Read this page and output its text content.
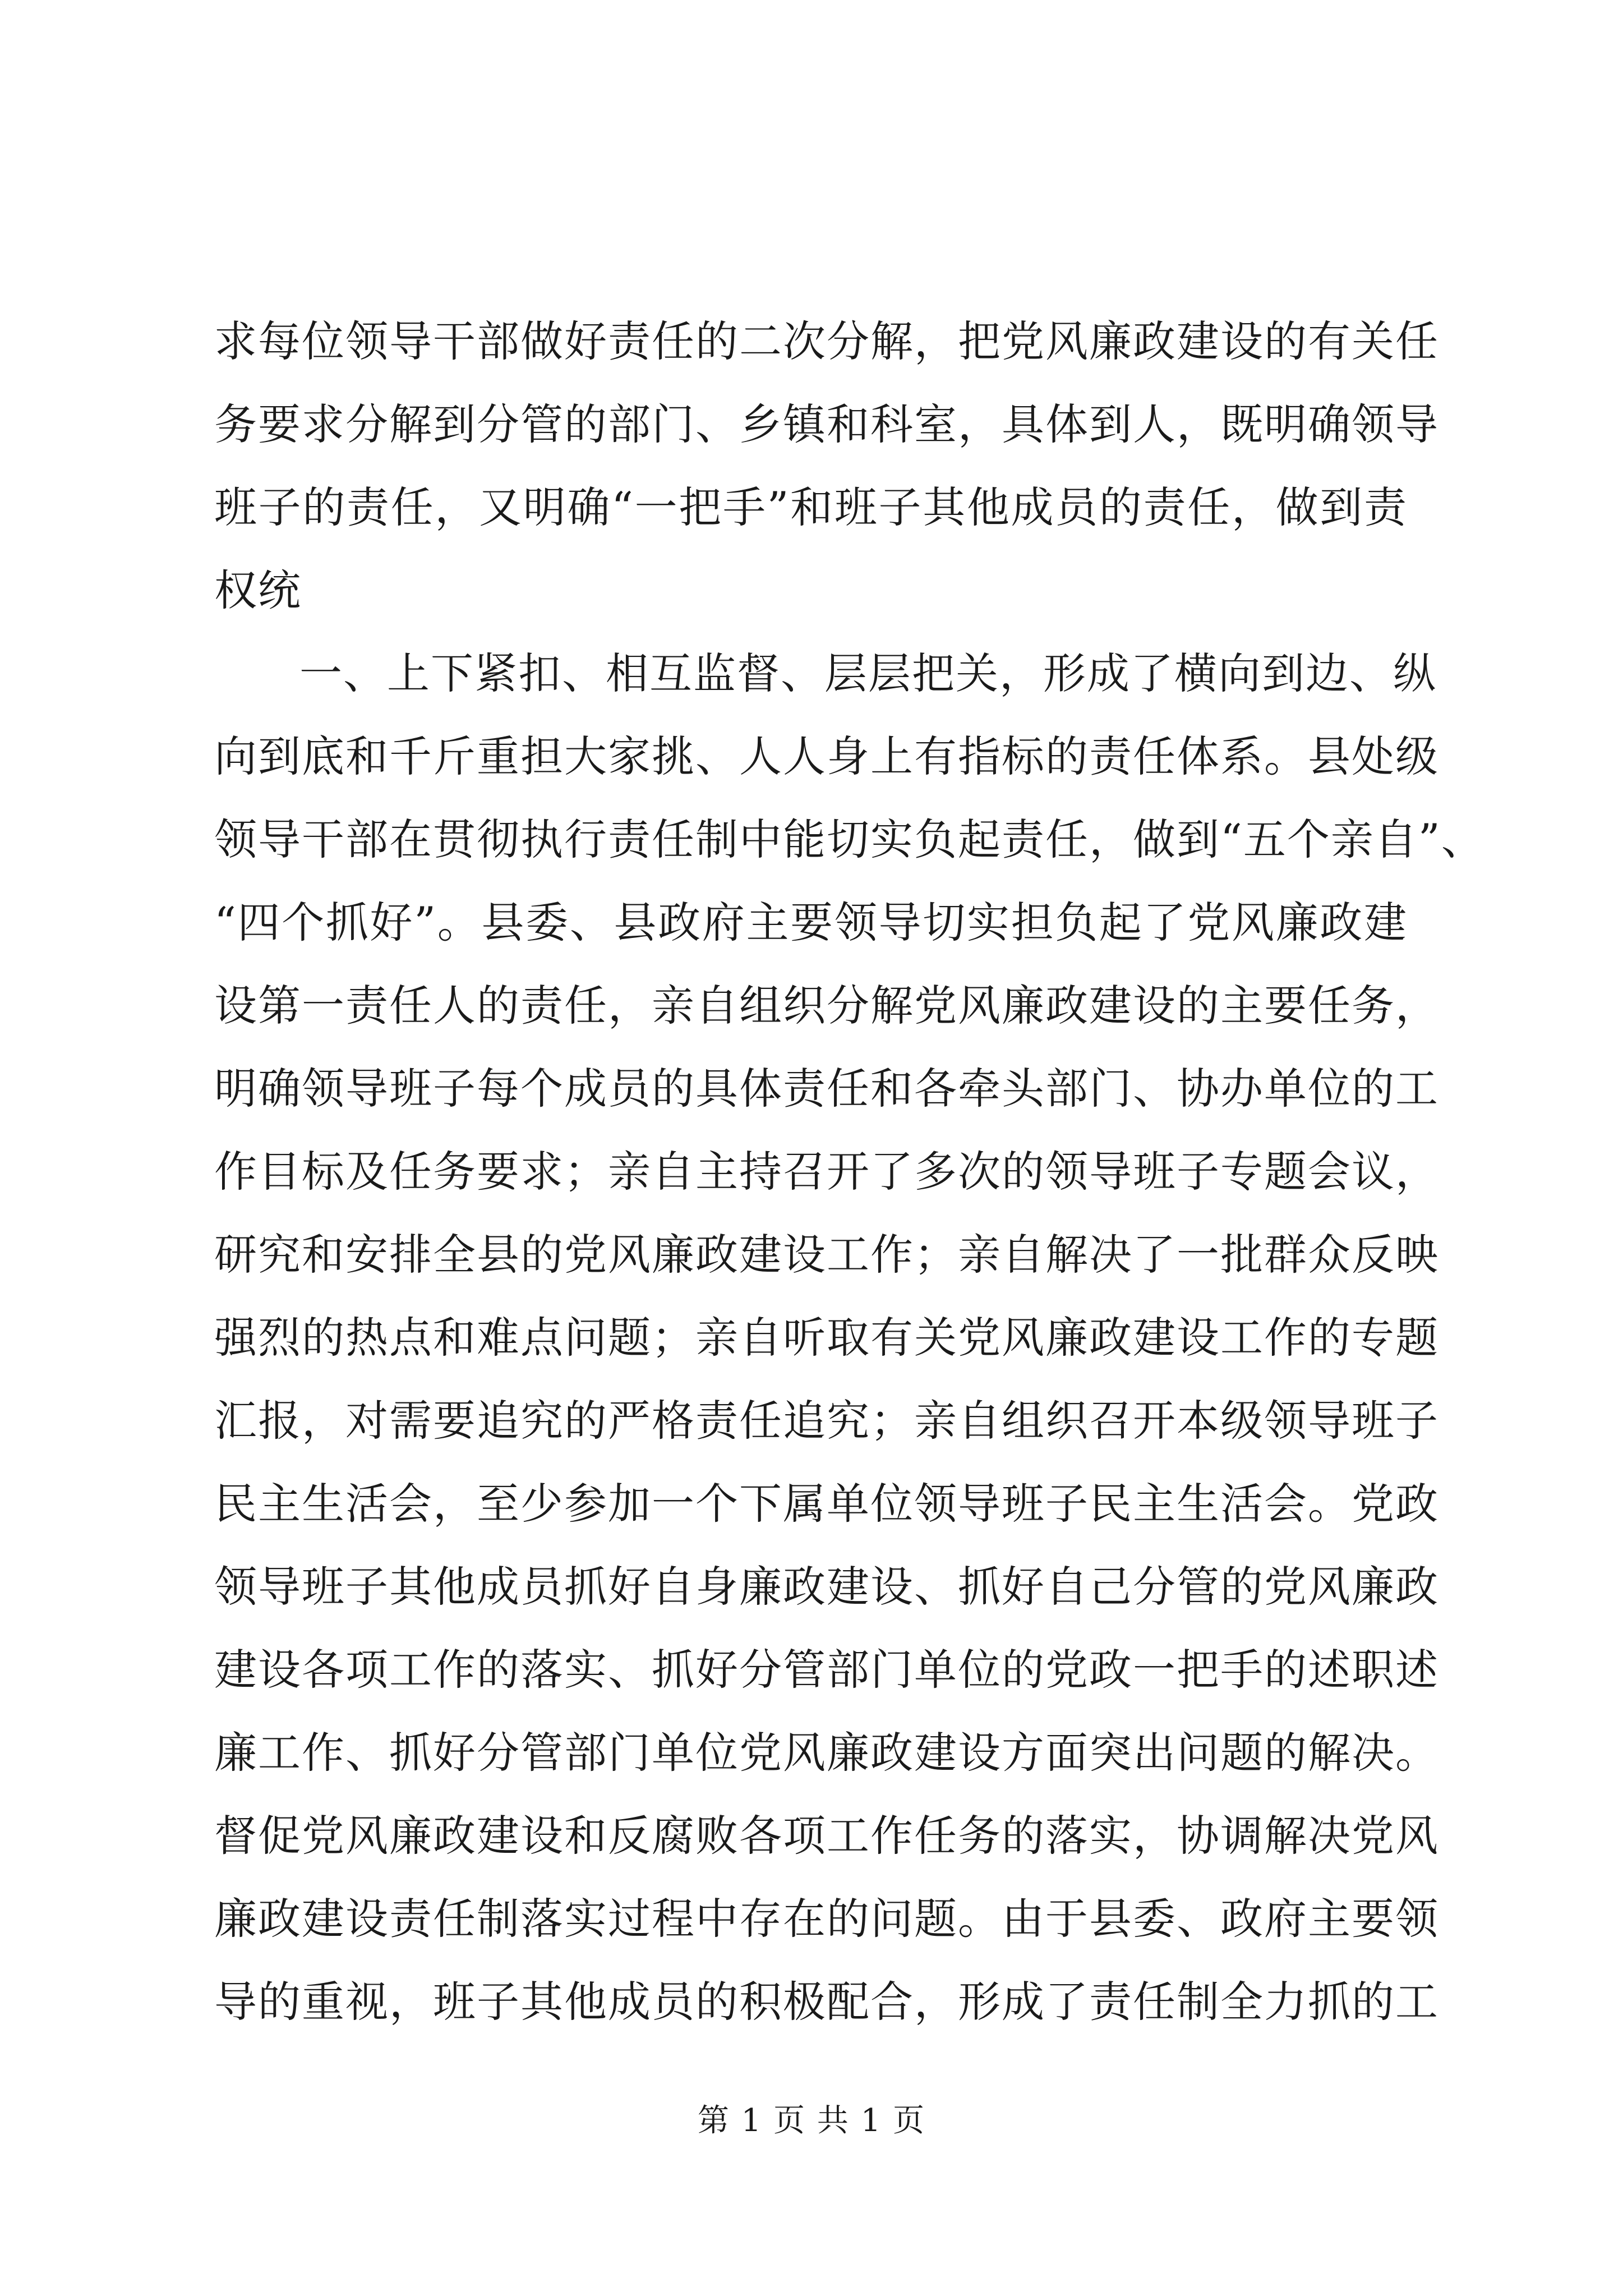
求每位领导干部做好责任的二次分解，把党风廉政建设的有关任
务要求分解到分管的部门、乡镇和科室，具体到人，既明确领导
班子的责任，又明确“一把手”和班子其他成员的责任，做到责
权统
一、上下紧扣、相互监督、层层把关，形成了横向到边、纵
向到底和千斤重担大家挑、人人身上有指标的责任体系。县处级
领导干部在贯彻执行责任制中能切实负起责任，做到“五个亲自”、
“四个抓好”。县委、县政府主要领导切实担负起了党风廉政建
设第一责任人的责任，亲自组织分解党风廉政建设的主要任务，
明确领导班子每个成员的具体责任和各牵头部门、协办单位的工
作目标及任务要求；亲自主持召开了多次的领导班子专题会议，
研究和安排全县的党风廉政建设工作；亲自解决了一批群众反映
强烈的热点和难点问题；亲自听取有关党风廉政建设工作的专题
汇报，对需要追究的严格责任追究；亲自组织召开本级领导班子
民主生活会，至少参加一个下属单位领导班子民主生活会。党政
领导班子其他成员抓好自身廉政建设、抓好自己分管的党风廉政
建设各项工作的落实、抓好分管部门单位的党政一把手的述职述
廉工作、抓好分管部门单位党风廉政建设方面突出问题的解决。
督促党风廉政建设和反腐败各项工作任务的落实，协调解决党风
廉政建设责任制落实过程中存在的问题。由于县委、政府主要领
导的重视，班子其他成员的积极配合，形成了责任制全力抓的工
第 1 页 共 1 页
